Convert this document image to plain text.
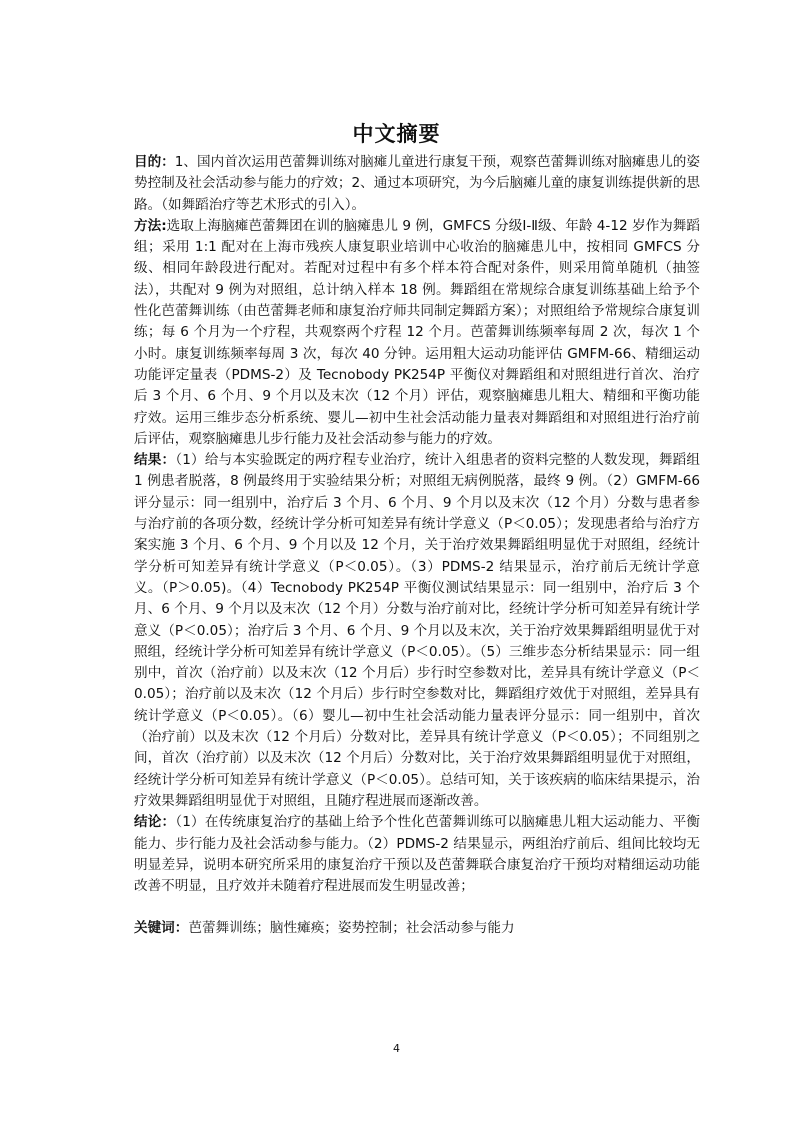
中文摘要

目的：1、国内首次运用芭蕾舞训练对脑瘫儿童进行康复干预，观察芭蕾舞训练对脑瘫患儿的姿势控制及社会活动参与能力的疗效；2、通过本项研究，为今后脑瘫儿童的康复训练提供新的思路。（如舞蹈治疗等艺术形式的引入）。

方法:选取上海脑瘫芭蕾舞团在训的脑瘫患儿 9 例，GMFCS 分级Ⅰ-Ⅱ级、年龄 4-12 岁作为舞蹈组；采用 1:1 配对在上海市残疾人康复职业培训中心收治的脑瘫患儿中，按相同 GMFCS 分级、相同年龄段进行配对。若配对过程中有多个样本符合配对条件，则采用简单随机（抽签法），共配对 9 例为对照组，总计纳入样本 18 例。舞蹈组在常规综合康复训练基础上给予个性化芭蕾舞训练（由芭蕾舞老师和康复治疗师共同制定舞蹈方案）；对照组给予常规综合康复训练；每 6 个月为一个疗程，共观察两个疗程 12 个月。芭蕾舞训练频率每周 2 次，每次 1 个小时。康复训练频率每周 3 次，每次 40 分钟。运用粗大运动功能评估 GMFM-66、精细运动功能评定量表（PDMS-2）及 Tecnobody PK254P 平衡仪对舞蹈组和对照组进行首次、治疗后 3 个月、6 个月、9 个月以及末次（12 个月）评估，观察脑瘫患儿粗大、精细和平衡功能疗效。运用三维步态分析系统、婴儿—初中生社会活动能力量表对舞蹈组和对照组进行治疗前后评估，观察脑瘫患儿步行能力及社会活动参与能力的疗效。

结果：（1）给与本实验既定的两疗程专业治疗，统计入组患者的资料完整的人数发现，舞蹈组 1 例患者脱落，8 例最终用于实验结果分析；对照组无病例脱落，最终 9 例。（2）GMFM-66 评分显示：同一组别中，治疗后 3 个月、6 个月、9 个月以及末次（12 个月）分数与患者参与治疗前的各项分数，经统计学分析可知差异有统计学意义（P＜0.05）；发现患者给与治疗方案实施 3 个月、6 个月、9 个月以及 12 个月，关于治疗效果舞蹈组明显优于对照组，经统计学分析可知差异有统计学意义（P＜0.05）。（3）PDMS-2 结果显示，治疗前后无统计学意义。（P＞0.05)。（4）Tecnobody PK254P 平衡仪测试结果显示：同一组别中，治疗后 3 个月、6 个月、9 个月以及末次（12 个月）分数与治疗前对比，经统计学分析可知差异有统计学意义（P＜0.05）；治疗后 3 个月、6 个月、9 个月以及末次，关于治疗效果舞蹈组明显优于对照组，经统计学分析可知差异有统计学意义（P＜0.05）。（5）三维步态分析结果显示：同一组别中，首次（治疗前）以及末次（12 个月后）步行时空参数对比，差异具有统计学意义（P＜0.05）；治疗前以及末次（12 个月后）步行时空参数对比，舞蹈组疗效优于对照组，差异具有统计学意义（P＜0.05）。（6）婴儿—初中生社会活动能力量表评分显示：同一组别中，首次（治疗前）以及末次（12 个月后）分数对比，差异具有统计学意义（P＜0.05）；不同组别之间，首次（治疗前）以及末次（12 个月后）分数对比，关于治疗效果舞蹈组明显优于对照组，经统计学分析可知差异有统计学意义（P＜0.05）。总结可知，关于该疾病的临床结果提示，治疗效果舞蹈组明显优于对照组，且随疗程进展而逐渐改善。

结论：（1）在传统康复治疗的基础上给予个性化芭蕾舞训练可以脑瘫患儿粗大运动能力、平衡能力、步行能力及社会活动参与能力。（2）PDMS-2 结果显示，两组治疗前后、组间比较均无明显差异，说明本研究所采用的康复治疗干预以及芭蕾舞联合康复治疗干预均对精细运动功能改善不明显，且疗效并未随着疗程进展而发生明显改善；

关键词：芭蕾舞训练；脑性瘫痪；姿势控制；社会活动参与能力

4
